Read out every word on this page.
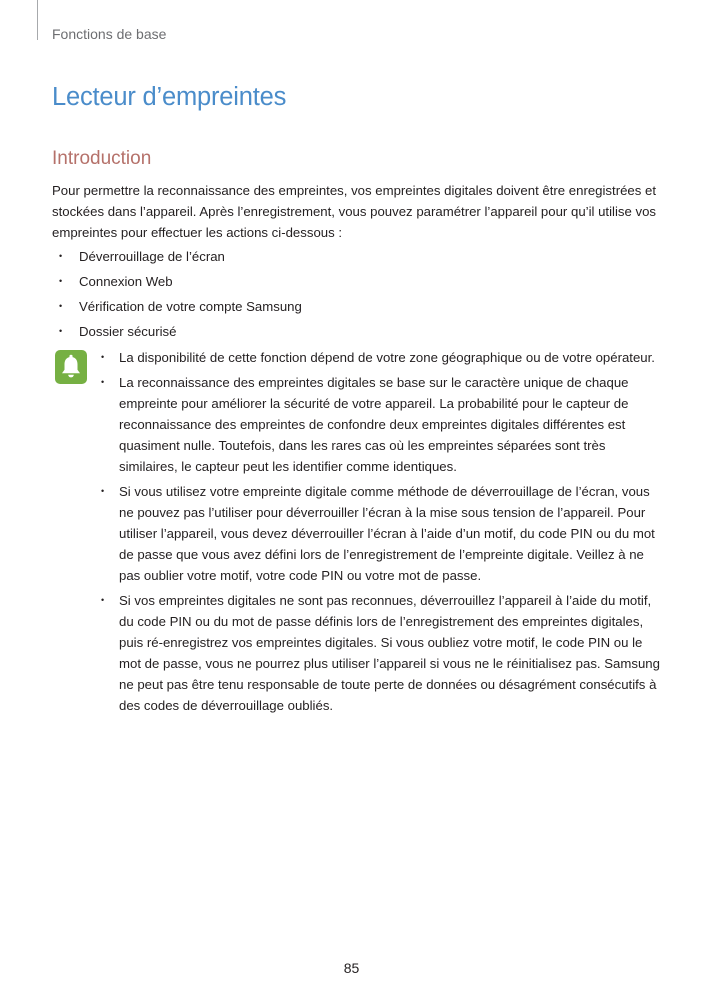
Fonctions de base
Lecteur d’empreintes
Introduction

Pour permettre la reconnaissance des empreintes, vos empreintes digitales doivent être enregistrées et stockées dans l’appareil. Après l’enregistrement, vous pouvez paramétrer l’appareil pour qu’il utilise vos empreintes pour effectuer les actions ci-dessous :

• Déverrouillage de l’écran
• Connexion Web
• Vérification de votre compte Samsung
• Dossier sécurisé
• La disponibilité de cette fonction dépend de votre zone géographique ou de votre opérateur.
• La reconnaissance des empreintes digitales se base sur le caractère unique de chaque empreinte pour améliorer la sécurité de votre appareil. La probabilité pour le capteur de reconnaissance des empreintes de confondre deux empreintes digitales différentes est quasiment nulle. Toutefois, dans les rares cas où les empreintes séparées sont très similaires, le capteur peut les identifier comme identiques.
• Si vous utilisez votre empreinte digitale comme méthode de déverrouillage de l’écran, vous ne pouvez pas l’utiliser pour déverrouiller l’écran à la mise sous tension de l’appareil. Pour utiliser l’appareil, vous devez déverrouiller l’écran à l’aide d’un motif, du code PIN ou du mot de passe que vous avez défini lors de l’enregistrement de l’empreinte digitale. Veillez à ne pas oublier votre motif, votre code PIN ou votre mot de passe.
• Si vos empreintes digitales ne sont pas reconnues, déverrouillez l’appareil à l’aide du motif, du code PIN ou du mot de passe définis lors de l’enregistrement des empreintes digitales, puis ré-enregistrez vos empreintes digitales. Si vous oubliez votre motif, le code PIN ou le mot de passe, vous ne pourrez plus utiliser l’appareil si vous ne le réinitialisez pas. Samsung ne peut pas être tenu responsable de toute perte de données ou désagrément consécutifs à des codes de déverrouillage oubliés.
85
